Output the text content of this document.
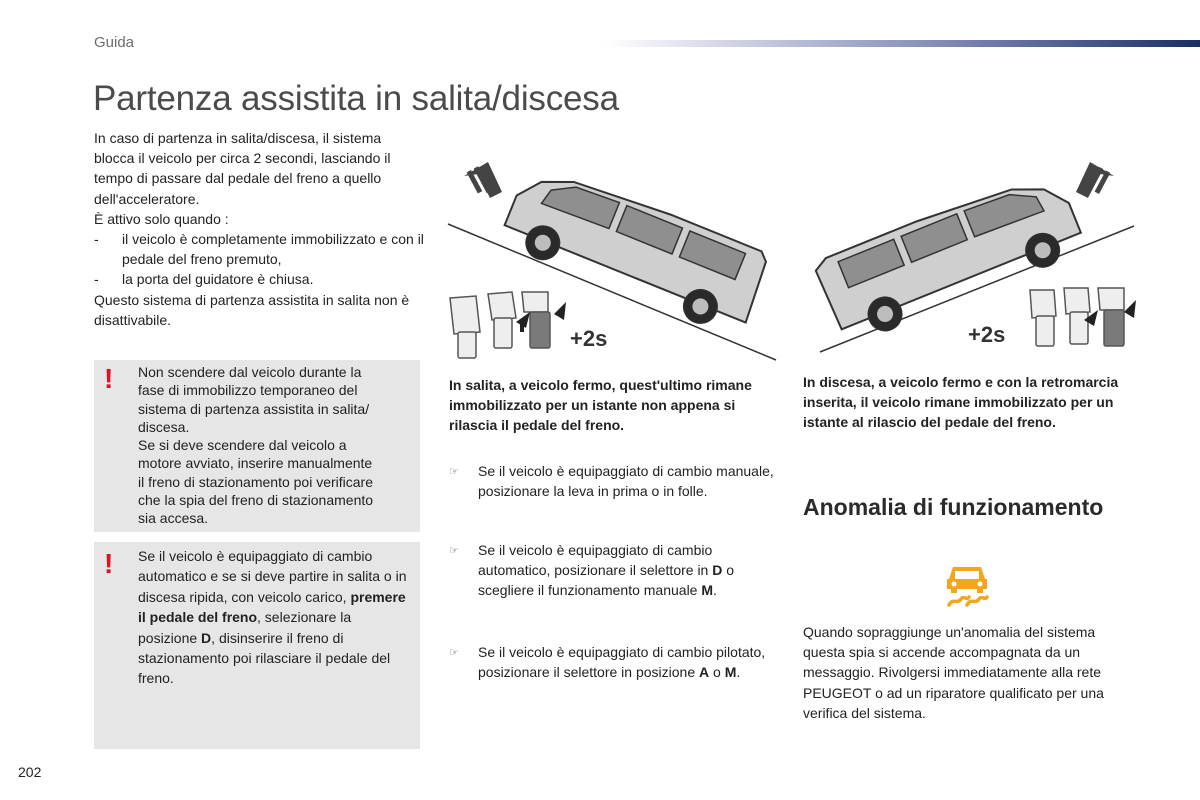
Guida
Partenza assistita in salita/discesa

In caso di partenza in salita/discesa, il sistema blocca il veicolo per circa 2 secondi, lasciando il tempo di passare dal pedale del freno a quello dell'acceleratore.

È attivo solo quando :

- il veicolo è completamente immobilizzato e con il pedale del freno premuto,
- la porta del guidatore è chiusa.

Questo sistema di partenza assistita in salita non è disattivabile.

! Non scendere dal veicolo durante la
fase di immobilizzo temporaneo del
sistema di partenza assistita in salita/
discesa.
Se si deve scendere dal veicolo a
motore avviato, inserire manualmente
il freno di stazionamento poi verificare
che la spia del freno di stazionamento
sia accesa.
! Se il veicolo è equipaggiato di cambio automatico e se si deve partire in salita o in discesa ripida, con veicolo carico, premere il pedale del freno, selezionare la posizione D, disinserire il freno di stazionamento poi rilasciare il pedale del freno.
+2s	+2s

In salita, a veicolo fermo, quest'ultimo rimane immobilizzato per un istante non appena si rilascia il pedale del freno.

In discesa, a veicolo fermo e con la retromarcia inserita, il veicolo rimane immobilizzato per un istante al rilascio del pedale del freno.

☞ Se il veicolo è equipaggiato di cambio manuale, posizionare la leva in prima o in folle.
☞ Se il veicolo è equipaggiato di cambio automatico, posizionare il selettore in D o scegliere il funzionamento manuale M.
☞ Se il veicolo è equipaggiato di cambio pilotato, posizionare il selettore in posizione A o M.
Anomalia di funzionamento

Quando sopraggiunge un'anomalia del sistema questa spia si accende accompagnata da un messaggio. Rivolgersi immediatamente alla rete PEUGEOT o ad un riparatore qualificato per una verifica del sistema.

202
